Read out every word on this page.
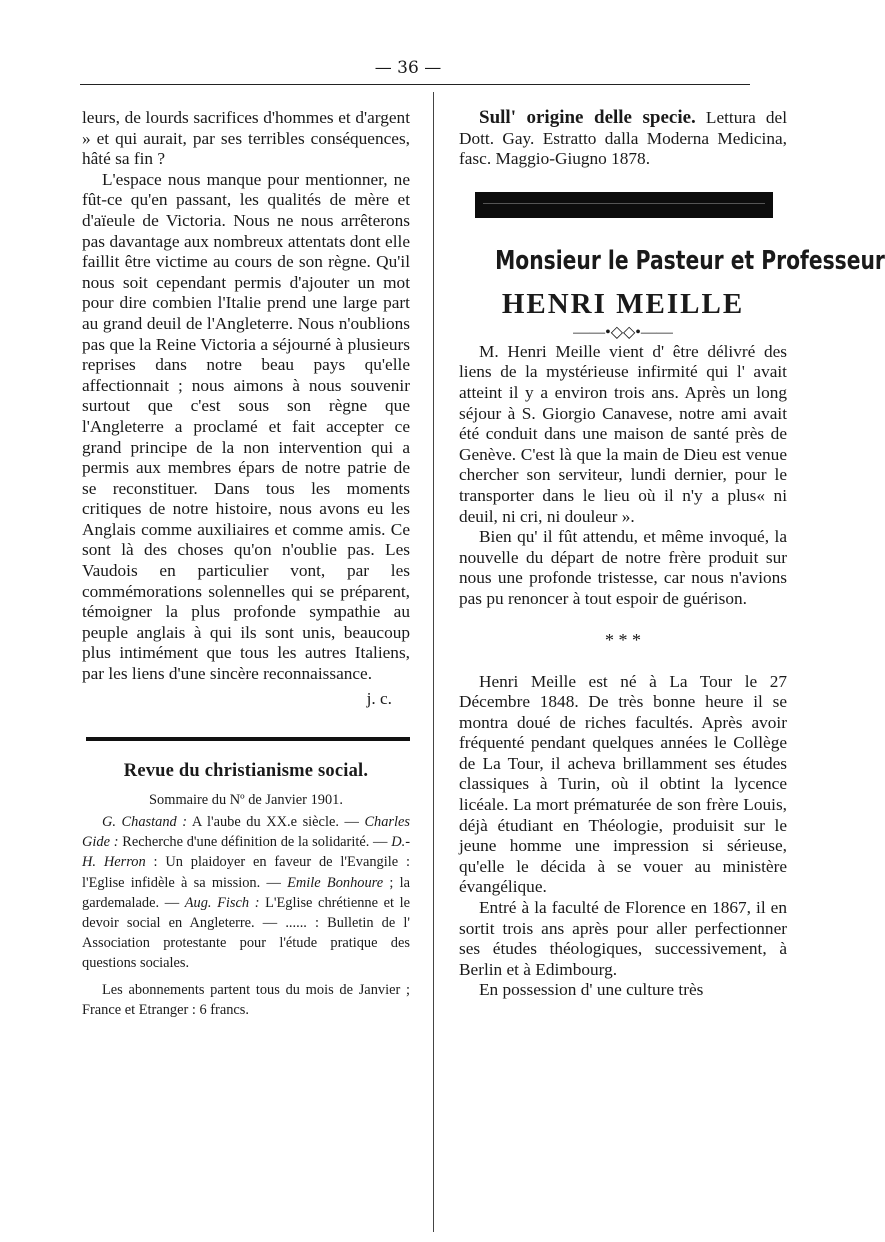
— 36 —

leurs, de lourds sacrifices d'hommes et d'argent » et qui aurait, par ses terribles conséquences, hâté sa fin ?

L'espace nous manque pour mentionner, ne fût-ce qu'en passant, les qualités de mère et d'aïeule de Victoria. Nous ne nous arrêterons pas davantage aux nombreux attentats dont elle faillit être victime au cours de son règne. Qu'il nous soit cependant permis d'ajouter un mot pour dire combien l'Italie prend une large part au grand deuil de l'Angleterre. Nous n'oublions pas que la Reine Victoria a séjourné à plusieurs reprises dans notre beau pays qu'elle affectionnait ; nous aimons à nous souvenir surtout que c'est sous son règne que l'Angleterre a proclamé et fait accepter ce grand principe de la non intervention qui a permis aux membres épars de notre patrie de se reconstituer. Dans tous les moments critiques de notre histoire, nous avons eu les Anglais comme auxiliaires et comme amis. Ce sont là des choses qu'on n'oublie pas. Les Vaudois en particulier vont, par les commémorations solennelles qui se préparent, témoigner la plus profonde sympathie au peuple anglais à qui ils sont unis, beaucoup plus intimément que tous les autres Italiens, par les liens d'une sincère reconnaissance.

j. c.

Revue du christianisme social.

Sommaire du Nº de Janvier 1901.

G. Chastand : A l'aube du XX.e siècle. — Charles Gide : Recherche d'une définition de la solidarité. — D.-H. Herron : Un plaidoyer en faveur de l'Evangile : l'Eglise infidèle à sa mission. — Emile Bonhoure ; la gardemalade. — Aug. Fisch : L'Eglise chrétienne et le devoir social en Angleterre. — ...... : Bulletin de l' Association protestante pour l'étude pratique des questions sociales.

Les abonnements partent tous du mois de Janvier ; France et Etranger : 6 francs.

Sull' origine delle specie. Lettura del Dott. Gay. Estratto dalla Moderna Medicina, fasc. Maggio-Giugno 1878.

Monsieur le Pasteur et Professeur

HENRI MEILLE

——•◇◇•——

M. Henri Meille vient d' être délivré des liens de la mystérieuse infirmité qui l' avait atteint il y a environ trois ans. Après un long séjour à S. Giorgio Canavese, notre ami avait été conduit dans une maison de santé près de Genève. C'est là que la main de Dieu est venue chercher son serviteur, lundi dernier, pour le transporter dans le lieu où il n'y a plus« ni deuil, ni cri, ni douleur ».

Bien qu' il fût attendu, et même invoqué, la nouvelle du départ de notre frère produit sur nous une profonde tristesse, car nous n'avions pas pu renoncer à tout espoir de guérison.

* * *

Henri Meille est né à La Tour le 27 Décembre 1848. De très bonne heure il se montra doué de riches facultés. Après avoir fréquenté pendant quelques années le Collège de La Tour, il acheva brillamment ses études classiques à Turin, où il obtint la lycence licéale. La mort prématurée de son frère Louis, déjà étudiant en Théologie, produisit sur le jeune homme une impression si sérieuse, qu'elle le décida à se vouer au ministère évangélique.

Entré à la faculté de Florence en 1867, il en sortit trois ans après pour aller perfectionner ses études théologiques, successivement, à Berlin et à Edimbourg.

En possession d' une culture très
